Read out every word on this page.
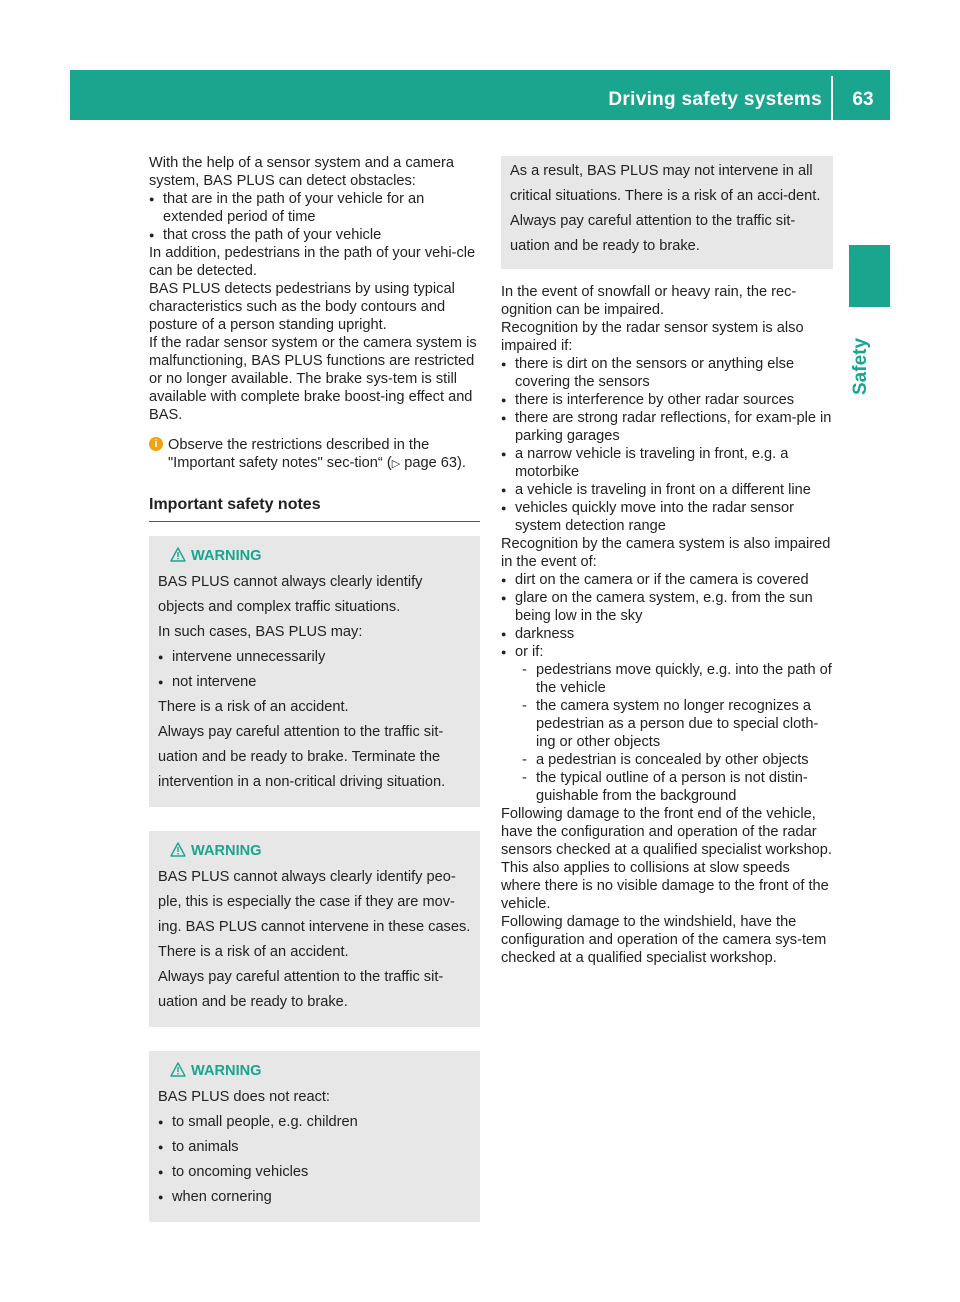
Driving safety systems	63
Safety

With the help of a sensor system and a camera system, BAS PLUS can detect obstacles:

● that are in the path of your vehicle for an extended period of time
● that cross the path of your vehicle

In addition, pedestrians in the path of your vehi-cle can be detected.

BAS PLUS detects pedestrians by using typical characteristics such as the body contours and posture of a person standing upright.

If the radar sensor system or the camera system is malfunctioning, BAS PLUS functions are restricted or no longer available. The brake sys-tem is still available with complete brake boost-ing effect and BAS.

i Observe the restrictions described in the "Important safety notes" sec-tion“ (▷ page 63).
Important safety notes
WARNING

BAS PLUS cannot always clearly identify objects and complex traffic situations.

In such cases, BAS PLUS may:

● intervene unnecessarily
● not intervene

There is a risk of an accident.

Always pay careful attention to the traffic sit-uation and be ready to brake. Terminate the intervention in a non-critical driving situation.

WARNING

BAS PLUS cannot always clearly identify peo-ple, this is especially the case if they are mov-ing. BAS PLUS cannot intervene in these cases. There is a risk of an accident.

Always pay careful attention to the traffic sit-uation and be ready to brake.

WARNING

BAS PLUS does not react:

● to small people, e.g. children
● to animals
● to oncoming vehicles
● when cornering

As a result, BAS PLUS may not intervene in all critical situations. There is a risk of an acci-dent.

Always pay careful attention to the traffic sit-uation and be ready to brake.

In the event of snowfall or heavy rain, the rec-ognition can be impaired.

Recognition by the radar sensor system is also impaired if:

● there is dirt on the sensors or anything else covering the sensors
● there is interference by other radar sources
● there are strong radar reflections, for exam-ple in parking garages
● a narrow vehicle is traveling in front, e.g. a motorbike
● a vehicle is traveling in front on a different line
● vehicles quickly move into the radar sensor system detection range

Recognition by the camera system is also impaired in the event of:

● dirt on the camera or if the camera is covered
● glare on the camera system, e.g. from the sun being low in the sky
● darkness
● or if:
- pedestrians move quickly, e.g. into the path of the vehicle
- the camera system no longer recognizes a pedestrian as a person due to special cloth-ing or other objects
- a pedestrian is concealed by other objects
- the typical outline of a person is not distin-guishable from the background

Following damage to the front end of the vehicle, have the configuration and operation of the radar sensors checked at a qualified specialist workshop. This also applies to collisions at slow speeds where there is no visible damage to the front of the vehicle.

Following damage to the windshield, have the configuration and operation of the camera sys-tem checked at a qualified specialist workshop.
